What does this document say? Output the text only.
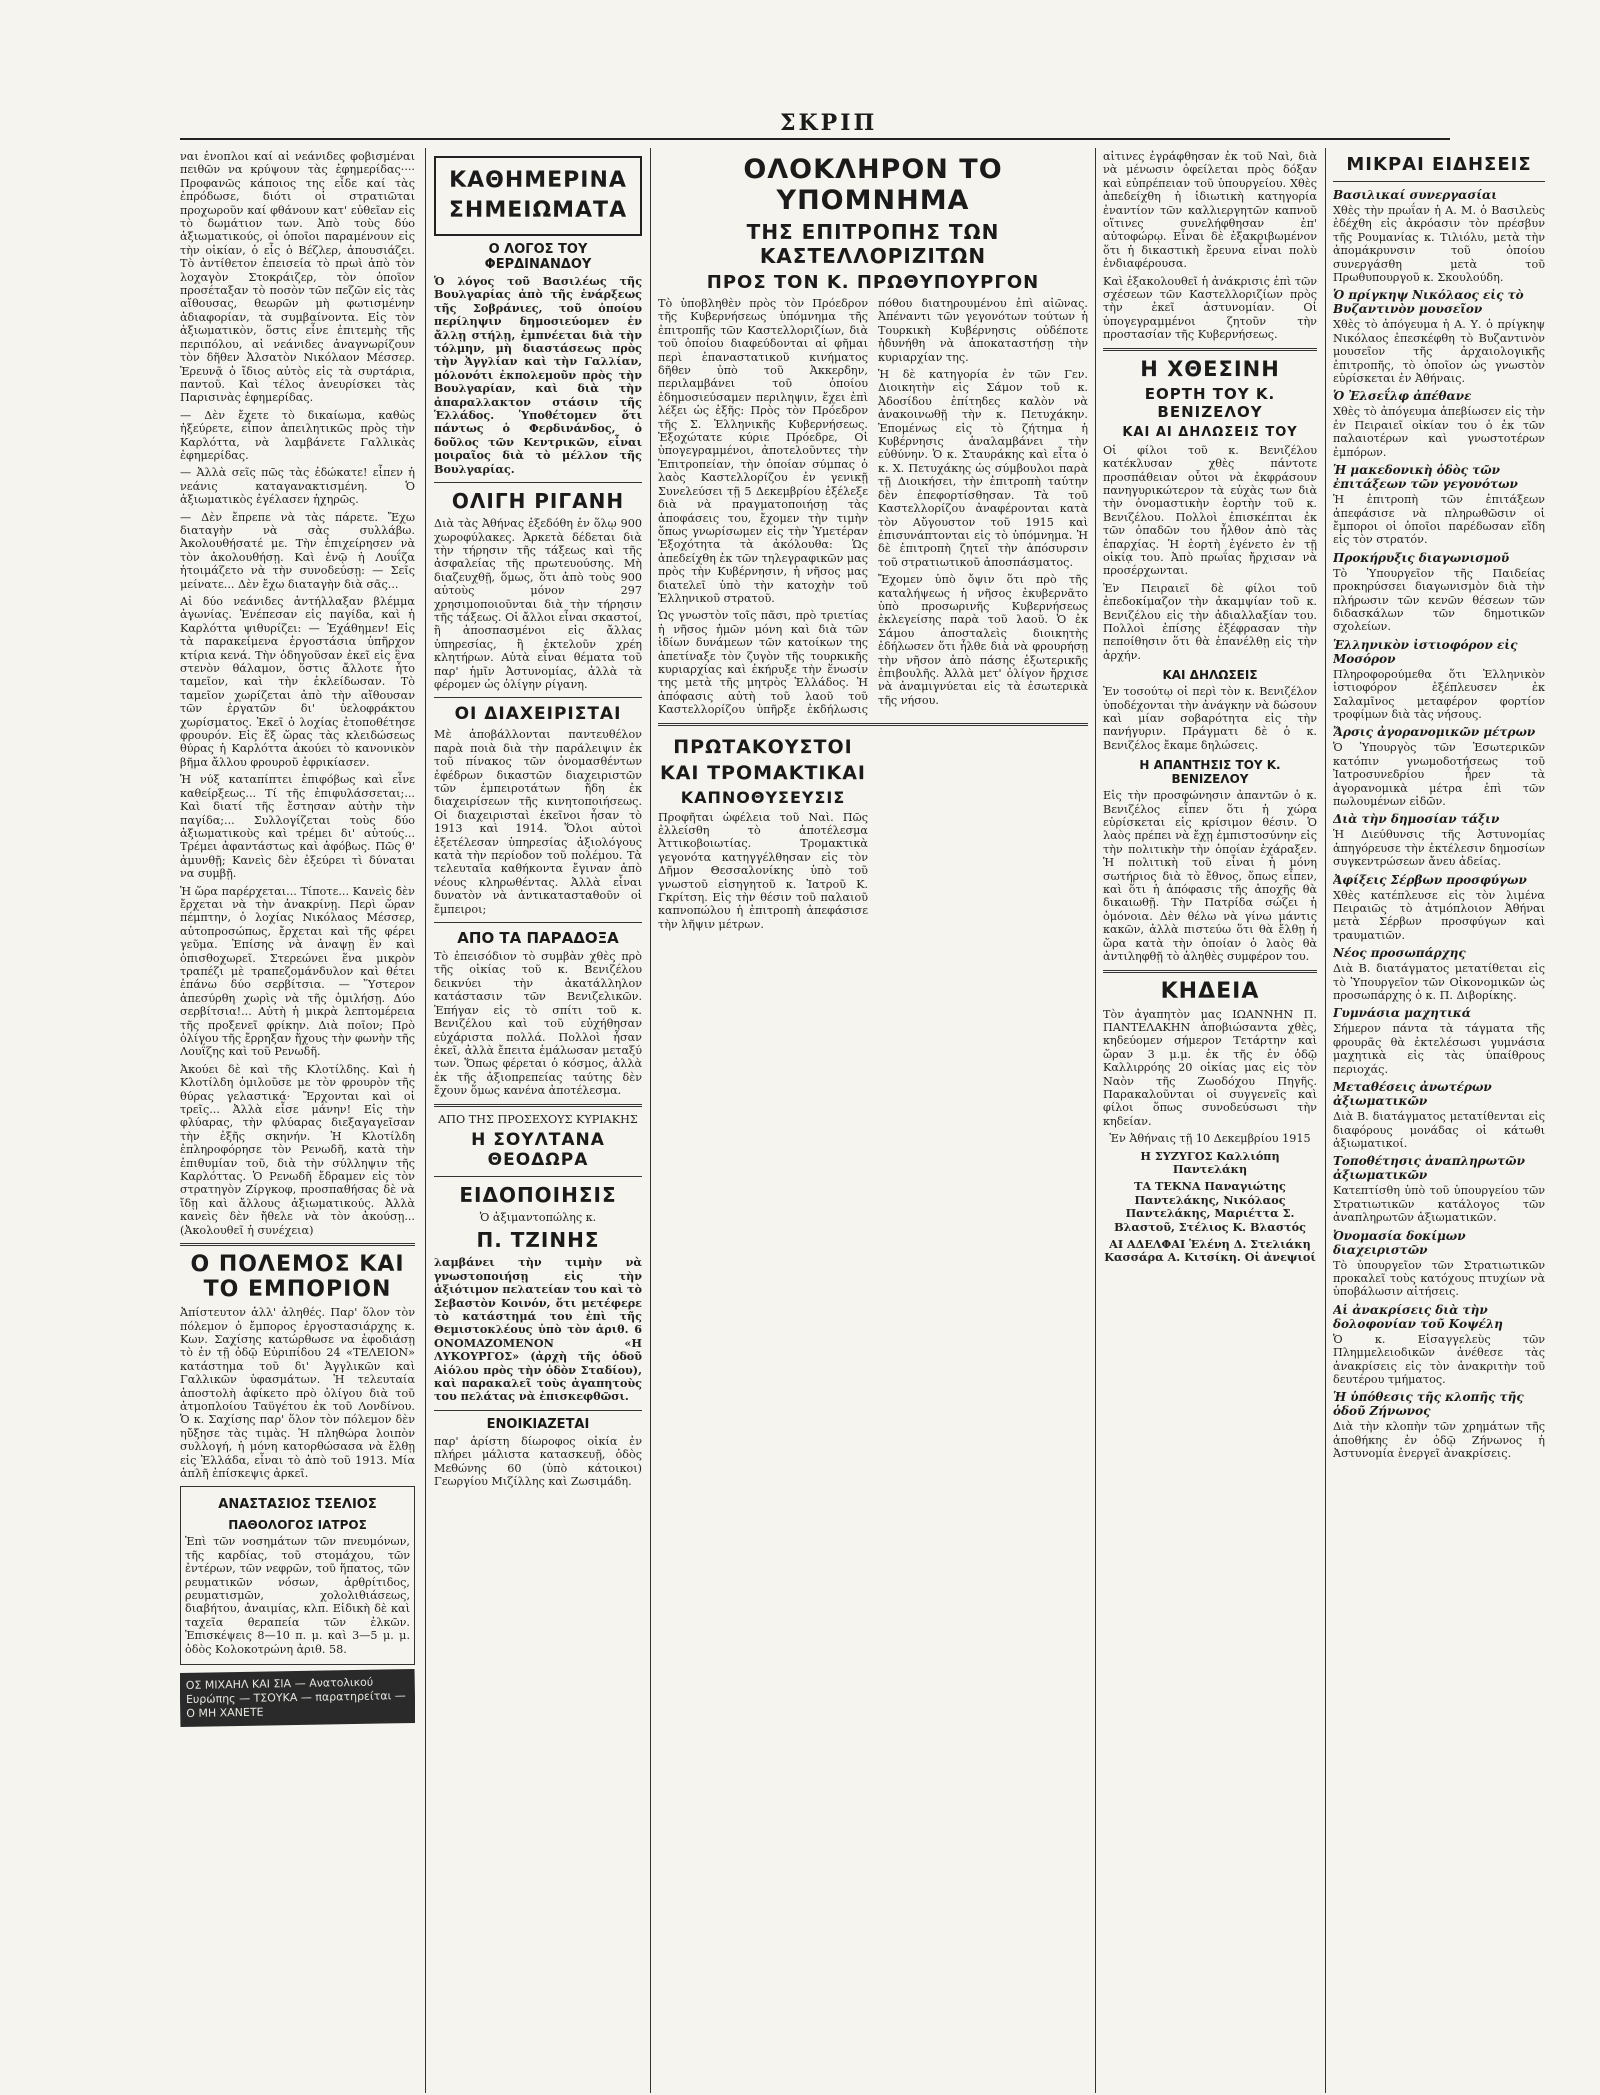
ΣΚΡΙΠ

ναι ἐνοπλοι καί αἱ νεάνιδες φοβισμέναι πειθῶν να κρύψουν τὰς ἐφημερίδας···· Προφανῶς κάποιος της εἶδε καί τὰς ἐπρόδωσε, διότι οἱ στρατιῶται προχωροῦν καί φθάνουν κατ' εὐθεῖαν εἰς τὸ δωμάτιον των. Ἀπὸ τοὺς δύο ἀξιωματικούς, οἱ ὁποῖοι παραμένουν εἰς τὴν οἰκίαν, ὁ εἷς ὁ Βέζλερ, ἀπουσιάζει. Τὸ ἀντίθετον ἐπεισεία τὸ πρωὶ ἀπὸ τὸν λοχαγὸν Στοκράιζερ, τὸν ὁποῖον προσέταξαν τὸ ποσὸν τῶν πεζῶν εἰς τὰς αἴθουσας, θεωρῶν μὴ φωτισμένην ἀδιαφορίαν, τὰ συμβαίνοντα. Εἰς τὸν ἀξιωματικὸν, ὅστις εἶνε ἐπιτεμὴς τῆς περιπόλου, αἱ νεάνιδες ἀναγνωρίζουν τὸν δῆθεν Ἀλσατὸν Νικόλαον Μέσσερ. Ἐρευνᾷ ὁ ἴδιος αὐτὸς εἰς τὰ συρτάρια, παντοῦ. Καὶ τέλος ἀνευρίσκει τὰς Παρισινὰς ἐφημερίδας.

— Δὲν ἔχετε τὸ δικαίωμα, καθὼς ἠξεύρετε, εἶπον ἀπειλητικῶς πρὸς τὴν Καρλόττα, νὰ λαμβάνετε Γαλλικὰς ἐφημερίδας.

— Ἀλλὰ σεῖς πῶς τὰς ἐδώκατε! εἶπεν ἡ νεάνις καταγανακτισμένη. Ὁ ἀξιωματικὸς ἐγέλασεν ἠχηρῶς.

— Δὲν ἔπρεπε νὰ τὰς πάρετε. Ἔχω διαταγὴν νὰ σὰς συλλάβω. Ἀκολουθήσατέ με. Τὴν ἐπιχείρησεν νὰ τὸν ἀκολουθήσῃ. Καὶ ἐνῷ ἡ Λουΐζα ἠτοιμάζετο νὰ τὴν συνοδεύσῃ: — Σεῖς μείνατε... Δὲν ἔχω διαταγὴν διὰ σᾶς...

Αἱ δύο νεάνιδες ἀντήλλαξαν βλέμμα ἀγωνίας. Ἐνέπεσαν εἰς παγίδα, καὶ ἡ Καρλόττα ψιθυρίζει: — Ἐχάθημεν! Εἰς τὰ παρακείμενα ἐργοστάσια ὑπῆρχον κτίρια κενά. Τὴν ὁδηγοῦσαν ἐκεῖ εἰς ἓνα στενὸν θάλαμον, ὅστις ἄλλοτε ἦτο ταμεῖον, καὶ τὴν ἐκλείδωσαν. Τὸ ταμεῖον χωρίζεται ἀπὸ τὴν αἴθουσαν τῶν ἐργατῶν δι' ὑελοφράκτου χωρίσματος. Ἐκεῖ ὁ λοχίας ἐτοποθέτησε φρουρόν. Εἰς ἕξ ὥρας τὰς κλειδώσεως θύρας ἡ Καρλόττα ἀκούει τὸ κανονικὸν βῆμα ἄλλου φρουροῦ ἐφρικίασεν.

Ἡ νύξ καταπίπτει ἐπιφόβως καὶ εἶνε καθείρξεως... Τί τῆς ἐπιφυλάσσεται;... Καὶ διατί τῆς ἔστησαν αὐτὴν τὴν παγίδα;... Συλλογίζεται τοὺς δύο ἀξιωματικοὺς καὶ τρέμει δι' αὐτούς... Τρέμει ἀφαντάστως καὶ ἀφόβως. Πῶς θ' ἀμυνθῇ; Κανεὶς δὲν ἐξεύρει τὶ δύναται να συμβῇ.

Ἡ ὥρα παρέρχεται... Τίποτε... Κανεὶς δὲν ἔρχεται νὰ τὴν ἀνακρίνῃ. Περὶ ὥραν πέμπτην, ὁ λοχίας Νικόλαος Μέσσερ, αὐτοπροσώπως, ἔρχεται καὶ τῆς φέρει γεῦμα. Ἐπίσης νὰ ἀναψῃ ἓν καὶ ὀπισθοχωρεῖ. Στερεώνει ἕνα μικρὸν τραπέζι μὲ τραπεζομάνδυλον καὶ θέτει ἐπάνω δύο σερβίτσια. — Ὕστερον ἀπεσύρθη χωρὶς νὰ τῆς ὁμιλήσῃ. Δύο σερβίτσια!... Αὐτὴ ἡ μικρὰ λεπτομέρεια τῆς προξενεῖ φρίκην. Διὰ ποῖον; Πρὸ ὀλίγου τῆς ἔρρηξαν ἤχους τὴν φωνὴν τῆς Λουΐζης καὶ τοῦ Ρενωδῆ.

Ἀκούει δὲ καὶ τῆς Κλοτίλδης. Καὶ ἡ Κλοτίλδη ὁμιλοῦσε με τὸν φρουρὸν τῆς θύρας γελαστικά· Ἔρχονται καὶ οἱ τρεῖς... Ἀλλὰ εἶσε μάνην! Εἰς τὴν φλύαρας, τὴν φλύαρας διεξαγαγεῖσαν τὴν ἐξῆς σκηνήν. Ἡ Κλοτίλδη ἐπληροφόρησε τὸν Ρενωδῆ, κατὰ τὴν ἐπιθυμίαν τοῦ, διὰ τὴν σύλληψιν τῆς Καρλόττας. Ὁ Ρενωδῆ ἔδραμεν εἰς τὸν στρατηγὸν Ζίργκοφ, προσπαθήσας δὲ νὰ ἴδῃ καὶ ἄλλους ἀξιωματικούς. Ἀλλὰ κανεὶς δὲν ἤθελε νὰ τὸν ἀκούσῃ... (Ἀκολουθεῖ ἡ συνέχεια)

Ο ΠΟΛΕΜΟΣ ΚΑΙ ΤΟ ΕΜΠΟΡΙΟΝ

Ἀπίστευτον ἀλλ' ἀληθές. Παρ' ὅλον τὸν πόλεμον ὁ ἔμπορος ἐργοστασιάρχης κ. Κων. Σαχίσης κατώρθωσε να ἐφοδιάσῃ τὸ ἐν τῇ ὁδῷ Εὐριπίδου 24 «ΤΕΛΕΙΟΝ» κατάστημα τοῦ δι' Ἀγγλικῶν καὶ Γαλλικῶν ὑφασμάτων. Ἡ τελευταία ἀποστολὴ ἀφίκετο πρὸ ὀλίγου διὰ τοῦ ἀτμοπλοίου Ταϋγέτου ἐκ τοῦ Λονδίνου. Ὁ κ. Σαχίσης παρ' ὅλον τὸν πόλεμον δὲν ηὔξησε τὰς τιμὰς. Ἡ πληθώρα λοιπὸν συλλογή, ἡ μόνη κατορθώσασα νὰ ἔλθῃ εἰς Ἑλλάδα, εἶναι τὸ ἀπὸ τοῦ 1913. Μία ἁπλῆ ἐπίσκεψις ἀρκεῖ.

ΑΝΑΣΤΑΣΙΟΣ ΤΣΕΛΙΟΣ
ΠΑΘΟΛΟΓΟΣ ΙΑΤΡΟΣ

Ἐπὶ τῶν νοσημάτων τῶν πνευμόνων, τῆς καρδίας, τοῦ στομάχου, τῶν ἐντέρων, τῶν νεφρῶν, τοῦ ἥπατος, τῶν ρευματικῶν νόσων, ἀρθρίτιδος, ρευματισμῶν, χολολιθιάσεως, διαβήτου, ἀναιμίας, κλπ. Εἰδικὴ δὲ καὶ ταχεῖα θεραπεία τῶν ἐλκῶν. Ἐπισκέψεις 8—10 π. μ. καὶ 3—5 μ. μ. ὁδὸς Κολοκοτρώνη ἀριθ. 58.

ΟΣ ΜΙΧΑΗΛ ΚΑΙ ΣΙΑ — Ανατολικού Ευρώπης — ΤΣΟΥΚΑ — παρατηρείται — Ο ΜΗ ΧΑΝΕΤΕ
ΚΑΘΗΜΕΡΙΝΑ ΣΗΜΕΙΩΜΑΤΑ
Ο ΛΟΓΟΣ ΤΟΥ ΦΕΡΔΙΝΑΝΔΟΥ

Ὁ λόγος τοῦ Βασιλέως τῆς Βουλγαρίας ἀπὸ τῆς ἐνάρξεως τῆς Σοβράνιες, τοῦ ὁποίου περίληψιν δημοσιεύομεν ἐν ἄλλῃ στήλῃ, ἐμπνέεται διὰ τὴν τόλμην, μὴ διαστάσεως πρὸς τὴν Ἀγγλίαν καὶ τὴν Γαλλίαν, μόλονότι ἐκπολεμοῦν πρὸς τὴν Βουλγαρίαν, καὶ διὰ τὴν ἀπαραλλακτον στάσιν τῆς Ἑλλάδος. Ὑποθέτομεν ὅτι πάντως ὁ Φερδινάνδος, ὁ δοῦλος τῶν Κεντρικῶν, εἶναι μοιραῖος διὰ τὸ μέλλον τῆς Βουλγαρίας.

ΟΛΙΓΗ ΡΙΓΑΝΗ

Διὰ τὰς Ἀθήνας ἐξεδόθη ἐν ὅλῳ 900 χωροφύλακες. Ἀρκετὰ δέδεται διὰ τὴν τήρησιν τῆς τάξεως καὶ τῆς ἀσφαλείας τῆς πρωτευούσης. Μὴ διαζευχθῇ, ὅμως, ὅτι ἀπὸ τοὺς 900 αὐτοὺς μόνον 297 χρησιμοποιοῦνται διὰ τὴν τήρησιν τῆς τάξεως. Οἱ ἄλλοι εἶναι σκαστοί, ἢ ἀποσπασμένοι εἰς ἄλλας ὑπηρεσίας, ἢ ἐκτελοῦν χρέη κλητήρων. Αὐτὰ εἶναι θέματα τοῦ παρ' ἡμῖν Ἀστυνομίας, ἀλλὰ τὰ φέρομεν ὡς ὀλίγην ρίγανη.

ΟΙ ΔΙΑΧΕΙΡΙΣΤΑΙ

Μὲ ἀποβάλλονται παντευθέλον παρὰ ποιὰ διὰ τὴν παράλειψιν ἐκ τοῦ πίνακος τῶν ὀνομασθέντων ἐφέδρων δικαστῶν διαχειριστῶν τῶν ἐμπειροτάτων ἤδη ἐκ διαχειρίσεων τῆς κινητοποιήσεως. Οἱ διαχειρισταὶ ἐκεῖνοι ἦσαν τὸ 1913 καὶ 1914. Ὅλοι αὐτοὶ ἐξετέλεσαν ὑπηρεσίας ἀξιολόγους κατὰ τὴν περίοδον τοῦ πολέμου. Τὰ τελευταῖα καθήκοντα ἔγιναν ἀπὸ νέους κληρωθέντας. Ἀλλὰ εἶναι δυνατὸν νὰ ἀντικατασταθοῦν οἱ ἔμπειροι;

ΑΠΟ ΤΑ ΠΑΡΑΔΟΞΑ

Τὸ ἐπεισόδιον τὸ συμβὰν χθὲς πρὸ τῆς οἰκίας τοῦ κ. Βενιζέλου δεικνύει τὴν ἀκατάλληλον κατάστασιν τῶν Βενιζελικῶν. Ἐπήγαν εἰς τὸ σπίτι τοῦ κ. Βενιζέλου καὶ τοῦ εὐχήθησαν εὐχάριστα πολλά. Πολλοὶ ἦσαν ἐκεῖ, ἀλλὰ ἔπειτα ἐμάλωσαν μεταξύ των. Ὅπως φέρεται ὁ κόσμος, ἀλλὰ ἐκ τῆς ἀξιοπρεπείας ταύτης δὲν ἔχουν ὅμως κανένα ἀποτέλεσμα.

ΑΠΟ ΤΗΣ ΠΡΟΣΕΧΟΥΣ ΚΥΡΙΑΚΗΣ
Η ΣΟΥΛΤΑΝΑ ΘΕΟΔΩΡΑ
ΕΙΔΟΠΟΙΗΣΙΣ
Ὁ ἀξιμαντοπώλης κ.
Π. ΤΖΙΝΗΣ

λαμβάνει τὴν τιμὴν νὰ γνωστοποιήσῃ εἰς τὴν ἀξιότιμον πελατείαν του καὶ τὸ Σεβαστὸν Κοινόν, ὅτι μετέφερε τὸ κατάστημά του ἐπὶ τῆς Θεμιστοκλέους ὑπὸ τὸν ἀριθ. 6 ΟΝΟΜΑΖΟΜΕΝΟΝ «Η ΛΥΚΟΥΡΓΟΣ» (ἀρχὴ τῆς ὁδοῦ Αἰόλου πρὸς τὴν ὁδὸν Σταδίου), καὶ παρακαλεῖ τοὺς ἀγαπητοὺς του πελάτας νὰ ἐπισκεφθῶσι.

ΕΝΟΙΚΙΑΖΕΤΑΙ

παρ' ἀρίστη δίωροφος οἰκία ἐν πλήρει μάλιστα κατασκευῇ, ὁδὸς Μεθώνης 60 (ὑπὸ κάτοικοι) Γεωργίου Μιζίλλης καὶ Ζωσιμάδη.

ΟΛΟΚΛΗΡΟΝ ΤΟ ΥΠΟΜΝΗΜΑ
ΤΗΣ ΕΠΙΤΡΟΠΗΣ ΤΩΝ ΚΑΣΤΕΛΛΟΡΙΖΙΤΩΝ
ΠΡΟΣ ΤΟΝ Κ. ΠΡΩΘΥΠΟΥΡΓΟΝ

Τὸ ὑποβληθὲν πρὸς τὸν Πρόεδρον τῆς Κυβερνήσεως ὑπόμνημα τῆς ἐπιτροπῆς τῶν Καστελλοριζίων, διὰ τοῦ ὁποίου διαφεύδονται αἱ φῆμαι περὶ ἐπαναστατικοῦ κινήματος δῆθεν ὑπὸ τοῦ Ἀκκερδην, περιλαμβάνει τοῦ ὁποίου ἐδημοσιεύσαμεν περιληψιν, ἔχει ἐπὶ λέξει ὡς ἑξῆς: Πρὸς τὸν Πρόεδρον τῆς Σ. Ἑλληνικῆς Κυβερνήσεως. Ἐξοχώτατε κύριε Πρόεδρε, Οἱ ὑπογεγραμμένοι, ἀποτελοῦντες τὴν Ἐπιτροπείαν, τὴν ὁποίαν σύμπας ὁ λαὸς Καστελλορίζου ἐν γενικῇ Συνελεύσει τῇ 5 Δεκεμβρίου ἐξέλεξε διὰ νὰ πραγματοποιήσῃ τὰς ἀποφάσεις του, ἔχομεν τὴν τιμὴν ὅπως γνωρίσωμεν εἰς τὴν Ὑμετέραν Ἐξοχότητα τὰ ἀκόλουθα: Ὡς ἀπεδείχθη ἐκ τῶν τηλεγραφικῶν μας πρὸς τὴν Κυβέρνησιν, ἡ νῆσος μας διατελεῖ ὑπὸ τὴν κατοχὴν τοῦ Ἑλληνικοῦ στρατοῦ.

Ὡς γνωστὸν τοῖς πᾶσι, πρὸ τριετίας ἡ νῆσος ἡμῶν μόνη καὶ διὰ τῶν ἰδίων δυνάμεων τῶν κατοίκων της ἀπετίναξε τὸν ζυγὸν τῆς τουρκικῆς κυριαρχίας καὶ ἐκήρυξε τὴν ἕνωσίν της μετὰ τῆς μητρὸς Ἑλλάδος. Ἡ ἀπόφασις αὐτὴ τοῦ λαοῦ τοῦ Καστελλορίζου ὑπῆρξε ἐκδήλωσις πόθου διατηρουμένου ἐπὶ αἰῶνας. Ἀπέναντι τῶν γεγονότων τούτων ἡ Τουρκικὴ Κυβέρνησις οὐδέποτε ἠδυνήθη νὰ ἀποκαταστήσῃ τὴν κυριαρχίαν της.

Ἡ δὲ κατηγορία ἐν τῶν Γεν. Διοικητὴν εἰς Σάμον τοῦ κ. Ἀδοσίδου ἐπίτηδες καλὸν νὰ ἀνακοινωθῇ τὴν κ. Πετυχάκην. Ἐπομένως εἰς τὸ ζήτημα ἡ Κυβέρνησις ἀναλαμβάνει τὴν εὐθύνην. Ὁ κ. Σταυράκης καὶ εἶτα ὁ κ. Χ. Πετυχάκης ὡς σύμβουλοι παρὰ τῇ Διοικήσει, τὴν ἐπιτροπὴ ταύτην δὲν ἐπεφορτίσθησαν. Τὰ τοῦ Καστελλορίζου ἀναφέρονται κατὰ τὸν Αὔγουστον τοῦ 1915 καὶ ἐπισυνάπτονται εἰς τὸ ὑπόμνημα. Ἡ δὲ ἐπιτροπὴ ζητεῖ τὴν ἀπόσυρσιν τοῦ στρατιωτικοῦ ἀποσπάσματος.

Ἔχομεν ὑπὸ ὄψιν ὅτι πρὸ τῆς καταλήψεως ἡ νῆσος ἐκυβερνᾶτο ὑπὸ προσωρινῆς Κυβερνήσεως ἐκλεγείσης παρὰ τοῦ λαοῦ. Ὁ ἐκ Σάμου ἀποσταλεὶς διοικητὴς ἐδήλωσεν ὅτι ἦλθε διὰ νὰ φρουρήσῃ τὴν νῆσον ἀπὸ πάσης ἐξωτερικῆς ἐπιβουλῆς. Ἀλλὰ μετ' ὀλίγον ἤρχισε νὰ ἀναμιγνύεται εἰς τὰ ἐσωτερικὰ τῆς νήσου.

ΠΡΩΤΑΚΟΥΣΤΟΙ
ΚΑΙ ΤΡΟΜΑΚΤΙΚΑΙ
ΚΑΠΝΟΘΥΣΕΥΣΙΣ

Προφῆται ὠφέλεια τοῦ Ναὶ. Πῶς ἐλλείσθη τὸ ἀποτέλεσμα Ἀττικοβοιωτίας. Τρομακτικὰ γεγονότα κατηγγέλθησαν εἰς τὸν Δῆμον Θεσσαλονίκης ὑπὸ τοῦ γνωστοῦ εἰσηγητοῦ κ. Ἰατροῦ Κ. Γκρίτση. Εἰς τὴν θέσιν τοῦ παλαιοῦ καπνοπώλου ἡ ἐπιτροπὴ ἀπεφάσισε τὴν λῆψιν μέτρων.

αἱτινες ἐγράφθησαν ἐκ τοῦ Ναὶ, διὰ νὰ μένωσιν ὀφείλεται πρὸς δόξαν καὶ εὐπρέπειαν τοῦ ὑπουργείου. Χθὲς ἀπεδείχθη ἡ ἰδιωτικὴ κατηγορία ἐναντίον τῶν καλλιεργητῶν καπνοῦ οἵτινες συνελήφθησαν ἐπ' αὐτοφώρῳ. Εἶναι δὲ ἐξακριβωμένον ὅτι ἡ δικαστικὴ ἔρευνα εἶναι πολὺ ἐνδιαφέρουσα.

Καὶ ἐξακολουθεῖ ἡ ἀνάκρισις ἐπὶ τῶν σχέσεων τῶν Καστελλοριζίων πρὸς τὴν ἐκεῖ ἀστυνομίαν. Οἱ ὑπογεγραμμένοι ζητοῦν τὴν προστασίαν τῆς Κυβερνήσεως.

Η ΧΘΕΣΙΝΗ
ΕΟΡΤΗ ΤΟΥ Κ. ΒΕΝΙΖΕΛΟΥ
ΚΑΙ ΑΙ ΔΗΛΩΣΕΙΣ ΤΟΥ

Οἱ φίλοι τοῦ κ. Βενιζέλου κατέκλυσαν χθὲς πάντοτε προσπάθειαν οὗτοι νὰ ἐκφράσουν πανηγυρικώτερον τὰ εὐχὰς των διὰ τὴν ὀνομαστικὴν ἑορτὴν τοῦ κ. Βενιζέλου. Πολλοὶ ἐπισκέπται ἐκ τῶν ὀπαδῶν του ἦλθον ἀπὸ τὰς ἐπαρχίας. Ἡ ἑορτὴ ἐγένετο ἐν τῇ οἰκίᾳ του. Ἀπὸ πρωΐας ἤρχισαν νὰ προσέρχωνται.

Ἐν Πειραιεῖ δὲ φίλοι τοῦ ἐπεδοκίμαζον τὴν ἀκαμψίαν τοῦ κ. Βενιζέλου εἰς τὴν ἀδιαλλαξίαν του. Πολλοὶ ἐπίσης ἐξέφρασαν τὴν πεποίθησιν ὅτι θὰ ἐπανέλθῃ εἰς τὴν ἀρχήν.

ΚΑΙ ΔΗΛΩΣΕΙΣ

Ἐν τοσούτῳ οἱ περὶ τὸν κ. Βενιζέλον ὑποδέχονται τὴν ἀνάγκην νὰ δώσουν καὶ μίαν σοβαρότητα εἰς τὴν πανήγυριν. Πράγματι δὲ ὁ κ. Βενιζέλος ἔκαμε δηλώσεις.

Η ΑΠΑΝΤΗΣΙΣ ΤΟΥ Κ. ΒΕΝΙΖΕΛΟΥ

Εἰς τὴν προσφώνησιν ἀπαντῶν ὁ κ. Βενιζέλος εἶπεν ὅτι ἡ χώρα εὑρίσκεται εἰς κρίσιμον θέσιν. Ὁ λαὸς πρέπει νὰ ἔχῃ ἐμπιστοσύνην εἰς τὴν πολιτικὴν τὴν ὁποίαν ἐχάραξεν. Ἡ πολιτικὴ τοῦ εἶναι ἡ μόνη σωτήριος διὰ τὸ ἔθνος, ὅπως εἶπεν, καὶ ὅτι ἡ ἀπόφασις τῆς ἀποχῆς θὰ δικαιωθῇ. Τὴν Πατρίδα σώζει ἡ ὁμόνοια. Δὲν θέλω νὰ γίνω μάντις κακῶν, ἀλλὰ πιστεύω ὅτι θὰ ἔλθῃ ἡ ὥρα κατὰ τὴν ὁποίαν ὁ λαὸς θὰ ἀντιληφθῇ τὸ ἀληθὲς συμφέρον του.

ΚΗΔΕΙΑ

Τὸν ἀγαπητὸν μας ΙΩΑΝΝΗΝ Π. ΠΑΝΤΕΛΑΚΗΝ ἀποβιώσαντα χθὲς, κηδεύομεν σήμερον Τετάρτην καὶ ὥραν 3 μ.μ. ἐκ τῆς ἐν ὁδῷ Καλλιρρόης 20 οἰκίας μας εἰς τὸν Ναὸν τῆς Ζωοδόχου Πηγῆς. Παρακαλοῦνται οἱ συγγενεῖς καὶ φίλοι ὅπως συνοδεύσωσι τὴν κηδείαν.

Ἐν Ἀθήναις τῇ 10 Δεκεμβρίου 1915

Η ΣΥΖΥΓΟΣ Καλλιόπη Παντελάκη

ΤΑ ΤΕΚΝΑ Παναγιώτης Παντελάκης, Νικόλαος Παντελάκης, Μαριέττα Σ. Βλαστοῦ, Στέλιος Κ. Βλαστός

ΑΙ ΑΔΕΛΦΑΙ Ἑλένη Δ. Στελιάκη Κασσάρα Α. Κιτσίκη. Οἱ ἀνεψιοί

ΜΙΚΡΑΙ ΕΙΔΗΣΕΙΣ
Βασιλικαί συνεργασίαι

Χθὲς τὴν πρωΐαν ἡ Α. Μ. ὁ Βασιλεὺς ἐδέχθη εἰς ἀκρόασιν τὸν πρέσβυν τῆς Ρουμανίας κ. Τιλιόλυ, μετὰ τὴν ἀπομάκρυνσιν τοῦ ὁποίου συνεργάσθη μετὰ τοῦ Πρωθυπουργοῦ κ. Σκουλούδη.

Ὁ πρίγκηψ Νικόλαος εἰς τὸ Βυζαντινὸν μουσεῖον

Χθὲς τὸ ἀπόγευμα ἡ Α. Υ. ὁ πρίγκηψ Νικόλαος ἐπεσκέφθη τὸ Βυζαντινὸν μουσεῖον τῆς ἀρχαιολογικῆς ἐπιτροπῆς, τὸ ὁποῖον ὡς γνωστὸν εὑρίσκεται ἐν Ἀθήναις.

Ὁ Ἐλσεΐλφ ἀπέθανε

Χθὲς τὸ ἀπόγευμα ἀπεβίωσεν εἰς τὴν ἐν Πειραιεῖ οἰκίαν του ὁ ἐκ τῶν παλαιοτέρων καὶ γνωστοτέρων ἐμπόρων.

Ἡ μακεδονικὴ ὁδὸς τῶν ἐπιτάξεων τῶν γεγονότων

Ἡ ἐπιτροπὴ τῶν ἐπιτάξεων ἀπεφάσισε νὰ πληρωθῶσιν οἱ ἔμποροι οἱ ὁποῖοι παρέδωσαν εἴδη εἰς τὸν στρατόν.

Προκήρυξις διαγωνισμοῦ

Τὸ Ὑπουργεῖον τῆς Παιδείας προκηρύσσει διαγωνισμὸν διὰ τὴν πλήρωσιν τῶν κενῶν θέσεων τῶν διδασκάλων τῶν δημοτικῶν σχολείων.

Ἑλληνικὸν ἰστιοφόρον εἰς Μοσόρον

Πληροφορούμεθα ὅτι Ἑλληνικὸν ἰστιοφόρον ἐξέπλευσεν ἐκ Σαλαμῖνος μεταφέρον φορτίον τροφίμων διὰ τὰς νήσους.

Ἄρσις ἀγορανομικῶν μέτρων

Ὁ Ὑπουργὸς τῶν Ἐσωτερικῶν κατόπιν γνωμοδοτήσεως τοῦ Ἰατροσυνεδρίου ἦρεν τὰ ἀγορανομικὰ μέτρα ἐπὶ τῶν πωλουμένων εἰδῶν.

Διὰ τὴν δημοσίαν τάξιν

Ἡ Διεύθυνσις τῆς Ἀστυνομίας ἀπηγόρευσε τὴν ἐκτέλεσιν δημοσίων συγκεντρώσεων ἄνευ ἀδείας.

Ἀφίξεις Σέρβων προσφύγων

Χθὲς κατέπλευσε εἰς τὸν λιμένα Πειραιῶς τὸ ἀτμόπλοιον Ἀθήναι μετὰ Σέρβων προσφύγων καὶ τραυματιῶν.

Νέος προσωπάρχης

Διὰ Β. διατάγματος μετατίθεται εἰς τὸ Ὑπουργεῖον τῶν Οἰκονομικῶν ὡς προσωπάρχης ὁ κ. Π. Διβορίκης.

Γυμνάσια μαχητικά

Σήμερον πάντα τὰ τάγματα τῆς φρουρᾶς θὰ ἐκτελέσωσι γυμνάσια μαχητικὰ εἰς τὰς ὑπαίθρους περιοχάς.

Μεταθέσεις ἀνωτέρων ἀξιωματικῶν

Διὰ Β. διατάγματος μετατίθενται εἰς διαφόρους μονάδας οἱ κάτωθι ἀξιωματικοί.

Τοποθέτησις ἀναπληρωτῶν ἀξιωματικῶν

Κατεπτίσθη ὑπὸ τοῦ ὑπουργείου τῶν Στρατιωτικῶν κατάλογος τῶν ἀναπληρωτῶν ἀξιωματικῶν.

Ὀνομασία δοκίμων διαχειριστῶν

Τὸ ὑπουργεῖον τῶν Στρατιωτικῶν προκαλεῖ τοὺς κατόχους πτυχίων νὰ ὑποβάλωσιν αἰτήσεις.

Αἱ ἀνακρίσεις διὰ τὴν δολοφονίαν τοῦ Κοψέλη

Ὁ κ. Εἰσαγγελεὺς τῶν Πλημμελειοδικῶν ἀνέθεσε τὰς ἀνακρίσεις εἰς τὸν ἀνακριτὴν τοῦ δευτέρου τμήματος.

Ἡ ὑπόθεσις τῆς κλοπῆς τῆς ὁδοῦ Ζήνωνος

Διὰ τὴν κλοπὴν τῶν χρημάτων τῆς ἀποθήκης ἐν ὁδῷ Ζήνωνος ἡ Ἀστυνομία ἐνεργεῖ ἀνακρίσεις.
